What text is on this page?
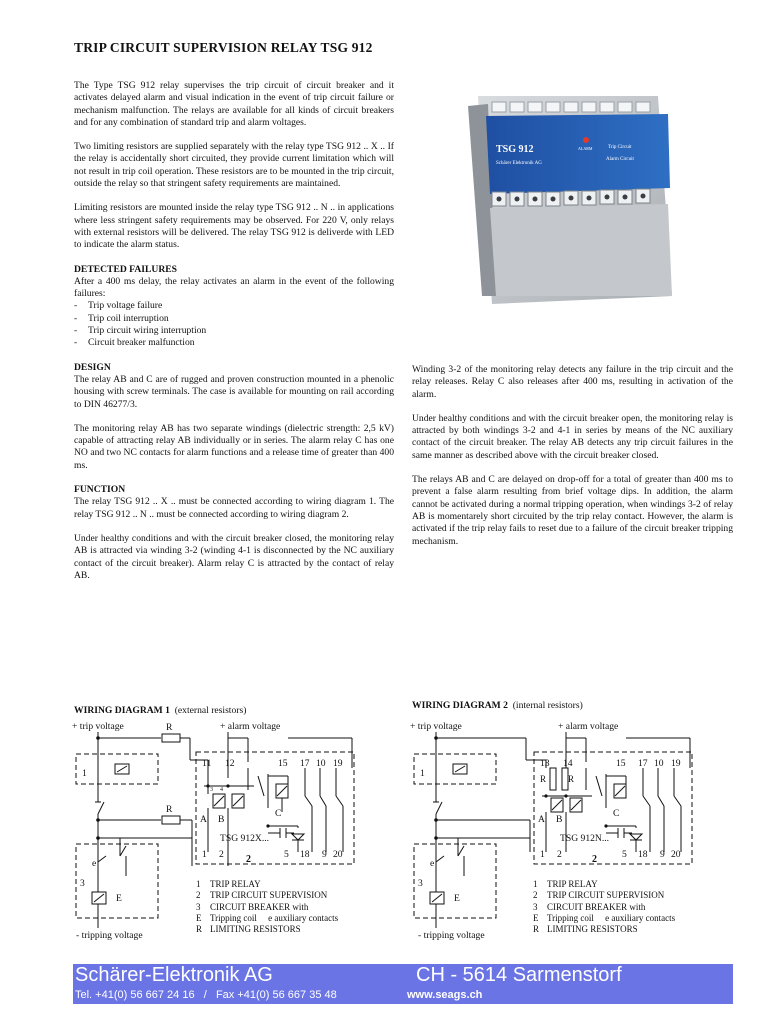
TRIP CIRCUIT SUPERVISION RELAY TSG 912

The Type TSG 912 relay supervises the trip circuit of circuit breaker and it activates delayed alarm and visual indication in the event of trip circuit failure or mechanism malfunction. The relays are available for all kinds of circuit breakers and for any combination of standard trip and alarm voltages.

Two limiting resistors are supplied separately with the relay type TSG 912 .. X .. If the relay is accidentally short circuited, they provide current limitation which will not result in trip coil operation. These resistors are to be mounted in the trip circuit, outside the relay so that stringent safety requirements are maintained.

Limiting resistors are mounted inside the relay type TSG 912 .. N .. in applications where less stringent safety requirements may be observed. For 220 V, only relays with external resistors will be delivered. The relay TSG 912 is deliverde with LED to indicate the alarm status.

DETECTED FAILURES
After a 400 ms delay, the relay activates an alarm in the event of the following failures:
- Trip voltage failure
- Trip coil interruption
- Trip circuit wiring interruption
- Circuit breaker malfunction
DESIGN

The relay AB and C are of rugged and proven construction mounted in a phenolic housing with screw terminals. The case is available for mounting on rail according to DIN 46277/3.

The monitoring relay AB has two separate windings (dielectric strength: 2,5 kV) capable of attracting relay AB individually or in series. The alarm relay C has one NO and two NC contacts for alarm functions and a release time of greater than 400 ms.

FUNCTION

The relay TSG 912 .. X .. must be connected according to wiring diagram 1. The relay TSG 912 .. N .. must be connected according to wiring diagram 2.

Under healthy conditions and with the circuit breaker closed, the monitoring relay AB is attracted via winding 3-2 (winding 4-1 is disconnected by the NC auxiliary contact of the circuit breaker). Alarm relay C is attracted by the contact of relay AB.

TSG 912	ALARM	Trip Circuit
Alarm Circuit
Schärer Elektronik AG

Winding 3-2 of the monitoring relay detects any failure in the trip circuit and the relay releases. Relay C also releases after 400 ms, resulting in activation of the alarm.

Under healthy conditions and with the circuit breaker open, the monitoring relay is attracted by both windings 3-2 and 4-1 in series by means of the NC auxiliary contact of the circuit breaker. The relay AB detects any trip circuit failures in the same manner as described above with the circuit breaker closed.

The relays AB and C are delayed on drop-off for a total of greater than 400 ms to prevent a false alarm resulting from brief voltage dips. In addition, the alarm cannot be activated during a normal tripping operation, when windings 3-2 of relay AB is momentarely short circuited by the trip relay contact. However, the alarm is activated if the trip relay fails to reset due to a failure of the circuit breaker tripping mechanism.

WIRING DIAGRAM 1 (external resistors)	WIRING DIAGRAM 2 (internal resistors)
+ trip voltage	+ alarm voltage
R
R
1
2
3
e
E
A B
C
3 4
TSG 912X...
11 12	15 17 10 19
1 2	5 18 9 20
- tripping voltage
+ trip voltage	+ alarm voltage
R R
1
2
3
e
E
A B
C
TSG 912N...
13 14	15 17 10 19
1 2	5 18 9 20
- tripping voltage
1 TRIP RELAY
2 TRIP CIRCUIT SUPERVISION
3 CIRCUIT BREAKER with
E Tripping coil     e auxiliary contacts
R LIMITING RESISTORS
1 TRIP RELAY
2 TRIP CIRCUIT SUPERVISION
3 CIRCUIT BREAKER with
E Tripping coil     e auxiliary contacts
R LIMITING RESISTORS
Schärer-Elektronik AG	CH - 5614 Sarmenstorf
Tel. +41(0) 56 667 24 16   /   Fax +41(0) 56 667 35 48	www.seags.ch
